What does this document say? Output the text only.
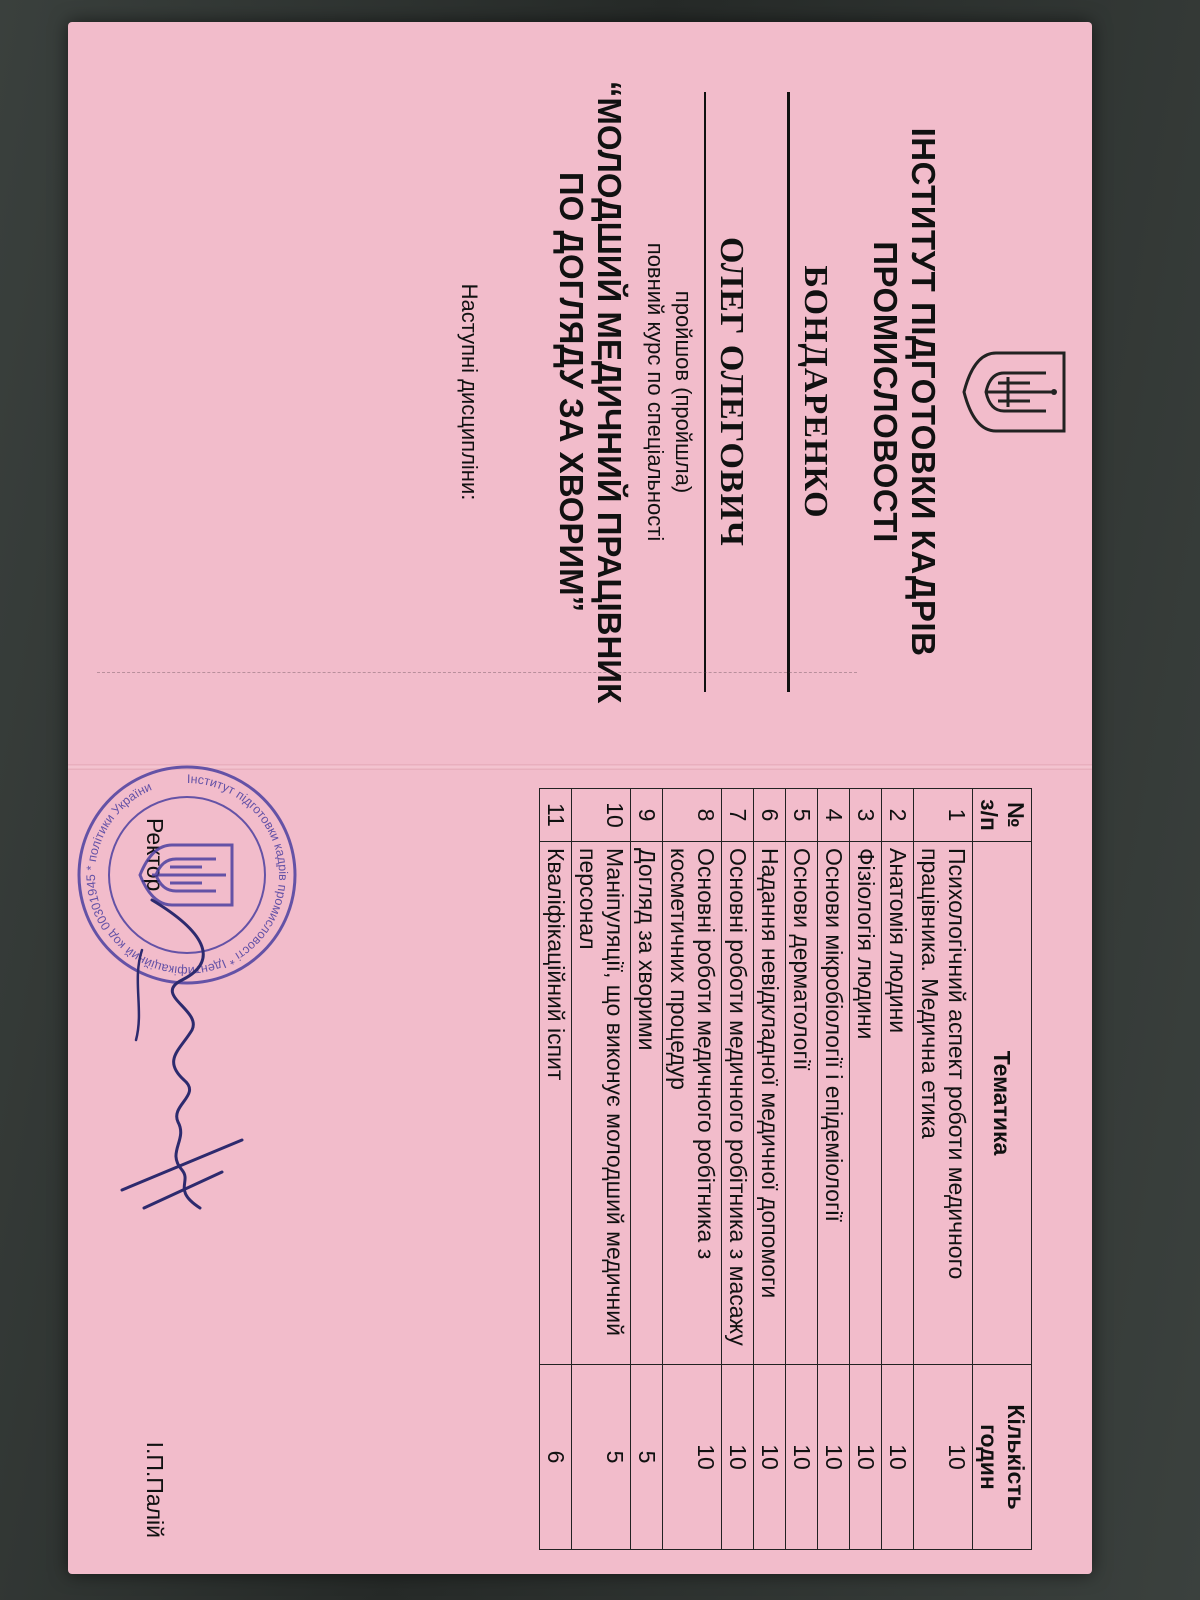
ІНСТИТУТ ПІДГОТОВКИ КАДРІВ ПРОМИСЛОВОСТІ
БОНДАРЕНКО
ОЛЕГ ОЛЕГОВИЧ
пройшов (пройшла)
повний курс по спеціальності
“МОЛОДШИЙ МЕДИЧНИЙ ПРАЦІВНИК ПО ДОГЛЯДУ ЗА ХВОРИМ”
Наступні дисципліни:
№ з/п	Тематика	Кількість годин
1	Психологічний аспект роботи медичного працівника. Медична етика	10
2	Анатомія людини	10
3	Фізіологія людини	10
4	Основи мікробіології і епідеміології	10
5	Основи дерматології	10
6	Надання невідкладної медичної допомоги	10
7	Основні роботи медичного робітника з масажу	10
8	Основні роботи медичного робітника з косметичних процедур	10
9	Догляд за хворими	5
10	Маніпуляції, що виконує молодший медичний персонал	5
11	Кваліфікаційний іспит	6
Ректор
І.П.Палій
Інститут підготовки кадрів промисловості * Ідентифікаційний код 00301945 * політики України
